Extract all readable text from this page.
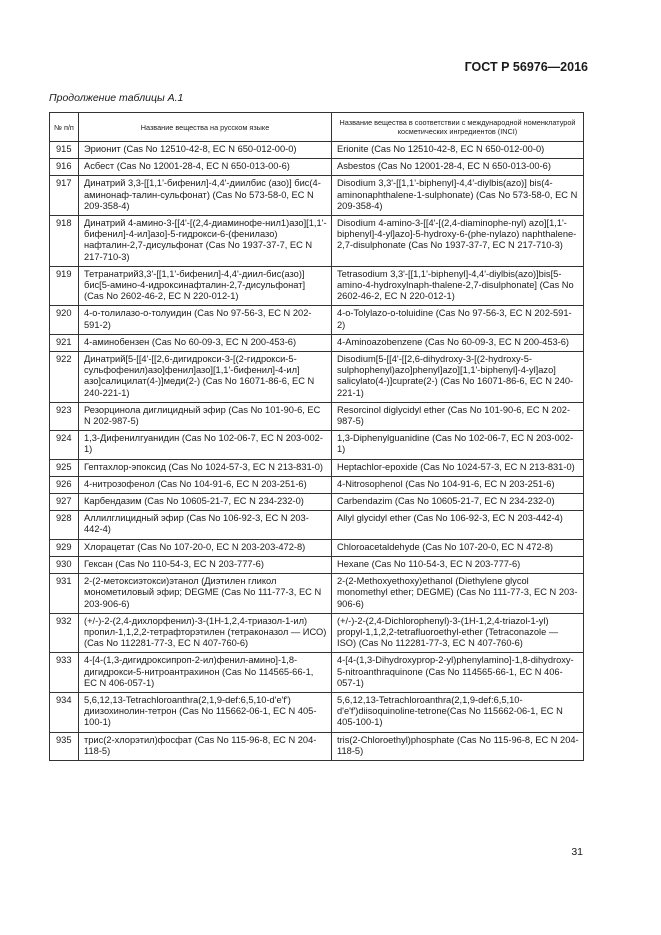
ГОСТ Р 56976—2016
Продолжение таблицы А.1
№ п/п	Название вещества на русском языке	Название вещества в соответствии с международной номенклатурой косметических ингредиентов (INCI)
915	Эрионит (Cas No 12510-42-8, EC N 650-012-00-0)	Erionite (Cas No 12510-42-8, EC N 650-012-00-0)
916	Асбест (Cas No 12001-28-4, EC N 650-013-00-6)	Asbestos (Cas No 12001-28-4, EC N 650-013-00-6)
917	Динатрий 3,3-[[1,1'-бифенил]-4,4'-диилбис (азо)] бис(4-аминонаф-талин-сульфонат) (Cas No 573-58-0, EC N 209-358-4)	Disodium 3,3'-[[1,1'-biphenyl]-4,4'-diylbis(azo)] bis(4-aminonaphthalene-1-sulphonate) (Cas No 573-58-0, EC N 209-358-4)
918	Динатрий 4-амино-3-[[4'-[(2,4-диаминофе-нил1)азо][1,1'-бифенил]-4-ил]азо]-5-гидрокси-6-(фенилазо) нафталин-2,7-дисульфонат (Cas No 1937-37-7, EC N 217-710-3)	Disodium 4-amino-3-[[4'-[(2,4-diaminophe-nyl) azo][1,1'-biphenyl]-4-yl]azo]-5-hydroxy-6-(phe-nylazo) naphthalene-2,7-disulphonate (Cas No 1937-37-7, EC N 217-710-3)
919	Тетранатрий3,3'-[[1,1'-бифенил]-4,4'-диил-бис(азо)] бис[5-амино-4-идроксинафталин-2,7-дисульфонат] (Cas No 2602-46-2, EC N 220-012-1)	Tetrasodium 3,3'-[[1,1'-biphenyl]-4,4'-diylbis(azo)]bis[5-amino-4-hydroxylnaph-thalene-2,7-disulphonate] (Cas No 2602-46-2, EC N 220-012-1)
920	4-о-толилазо-о-толуидин (Cas No 97-56-3, EC N 202-591-2)	4-o-Tolylazo-o-toluidine (Cas No 97-56-3, EC N 202-591-2)
921	4-аминобензен (Cas No 60-09-3, EC N 200-453-6)	4-Aminoazobenzene (Cas No 60-09-3, EC N 200-453-6)
922	Динатрий[5-[[4'-[[2,6-дигидрокси-3-[(2-гидрокси-5-сульфофенил)азо]фенил]азо][1,1'-бифенил]-4-ил] азо]салицилат(4-)]меди(2-) (Cas No 16071-86-6, EC N 240-221-1)	Disodium[5-[[4'-[[2,6-dihydroxy-3-[(2-hydroxy-5-sulphophenyl)azo]phenyl]azo][1,1'-biphenyl]-4-yl]azo] salicylato(4-)]cuprate(2-) (Cas No 16071-86-6, EC N 240-221-1)
923	Резорцинола диглицидный эфир (Cas No 101-90-6, EC N 202-987-5)	Resorcinol diglycidyl ether (Cas No 101-90-6, EC N 202-987-5)
924	1,3-Дифенилгуанидин (Cas No 102-06-7, EC N 203-002-1)	1,3-Diphenylguanidine (Cas No 102-06-7, EC N 203-002-1)
925	Гептахлор-эпоксид (Cas No 1024-57-3, EC N 213-831-0)	Heptachlor-epoxide (Cas No 1024-57-3, EC N 213-831-0)
926	4-нитрозофенол (Cas No 104-91-6, EC N 203-251-6)	4-Nitrosophenol (Cas No 104-91-6, EC N 203-251-6)
927	Карбендазим (Cas No 10605-21-7, EC N 234-232-0)	Carbendazim (Cas No 10605-21-7, EC N 234-232-0)
928	Аллилглицидный эфир (Cas No 106-92-3, EC N 203-442-4)	Allyl glycidyl ether (Cas No 106-92-3, EC N 203-442-4)
929	Хлорацетат (Cas No 107-20-0, EC N 203-203-472-8)	Chloroacetaldehyde (Cas No 107-20-0, EC N 472-8)
930	Гексан (Cas No 110-54-3, EC N 203-777-6)	Hexane (Cas No 110-54-3, EC N 203-777-6)
931	2-(2-метоксиэтокси)этанол (Диэтилен гликол монометиловый эфир; DEGME (Cas No 111-77-3, EC N 203-906-6)	2-(2-Methoxyethoxy)ethanol (Diethylene glycol monomethyl ether; DEGME) (Cas No 111-77-3, EC N 203-906-6)
932	(+/-)-2-(2,4-дихлорфенил)-3-(1Н-1,2,4-триазол-1-ил) пропил-1,1,2,2-тетрафторэтилен (тетраконазол — ИСО) (Cas No 112281-77-3, EC N 407-760-6)	(+/-)-2-(2,4-Dichlorophenyl)-3-(1H-1,2,4-triazol-1-yl) propyl-1,1,2,2-tetrafluoroethyl-ether (Tetraconazole — ISO) (Cas No 112281-77-3, EC N 407-760-6)
933	4-[4-(1,3-дигидроксипроп-2-ил)фенил-амино]-1,8-дигидрокси-5-нитроантрахинон (Cas No 114565-66-1, EC N 406-057-1)	4-[4-(1,3-Dihydroxyprop-2-yl)phenylamino]-1,8-dihydroxy-5-nitroanthraquinone (Cas No 114565-66-1, EC N 406-057-1)
934	5,6,12,13-Tetrachloroanthra(2,1,9-def:6,5,10-d'e'f') диизохинолин-тетрон (Cas No 115662-06-1, EC N 405-100-1)	5,6,12,13-Tetrachloroanthra(2,1,9-def:6,5,10-d'e'f')diisoquinoline-tetrone(Cas No 115662-06-1, EC N 405-100-1)
935	трис(2-хлорэтил)фосфат (Cas No 115-96-8, EC N 204-118-5)	tris(2-Chloroethyl)phosphate (Cas No 115-96-8, EC N 204-118-5)
31
